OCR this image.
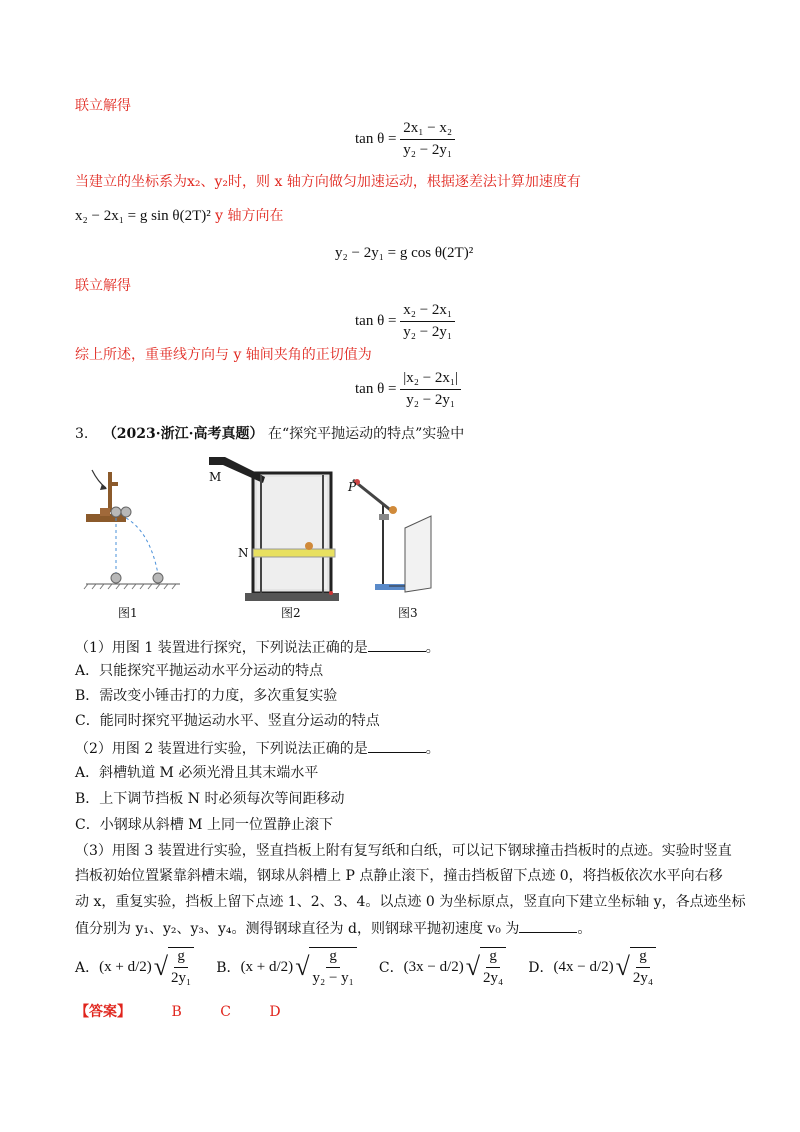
联立解得
$\tan \theta = \frac{\text{2x₁ − x₂}}{\text{y₂ − 2y₁}}$
当建立的坐标系为x₂、y₂时，则 x 轴方向做匀加速运动，根据逐差法计算加速度有
x₂ − 2x₁ = g sin θ(2T)² y 轴方向在
y₂ − 2y₁ = g cos θ(2T)²
联立解得
$\tan \theta = \frac{\text{x₂ − 2x₁}}{\text{y₂ − 2y₁}}$
综上所述，重垂线方向与 y 轴间夹角的正切值为
$\tan \theta = \frac{\text{|x₂ − 2x₁|}}{\text{y₂ − 2y₁}}$
3. （2023·浙江·高考真题） 在“探究平抛运动的特点”实验中
图1
M
N
图2
P
图3
（1）用图 1 装置进行探究，下列说法正确的是	。
A．只能探究平抛运动水平分运动的特点
B．需改变小锤击打的力度，多次重复实验
C．能同时探究平抛运动水平、竖直分运动的特点
（2）用图 2 装置进行实验，下列说法正确的是	。
A．斜槽轨道 M 必须光滑且其末端水平
B．上下调节挡板 N 时必须每次等间距移动
C．小钢球从斜槽 M 上同一位置静止滚下
（3）用图 3 装置进行实验，竖直挡板上附有复写纸和白纸，可以记下钢球撞击挡板时的点迹。实验时竖直
挡板初始位置紧靠斜槽末端，钢球从斜槽上 P 点静止滚下，撞击挡板留下点迹 0，将挡板依次水平向右移
动 x，重复实验，挡板上留下点迹 1、2、3、4。以点迹 0 为坐标原点，竖直向下建立坐标轴 y，各点迹坐标
值分别为 y₁、y₂、y₃、y₄。测得钢球直径为 d，则钢球平抛初速度 v₀ 为	。
A． (x + d/2) √ $\frac{g}{\text{2y₁}}$ B． (x + d/2) √ $\frac{g}{\text{y₂ − y₁}}$ C． (3x − d/2) √ $\frac{g}{\text{2y₄}}$ D． (4x − d/2) √ $\frac{g}{\text{2y₄}}$
【答案】	B	C	D
